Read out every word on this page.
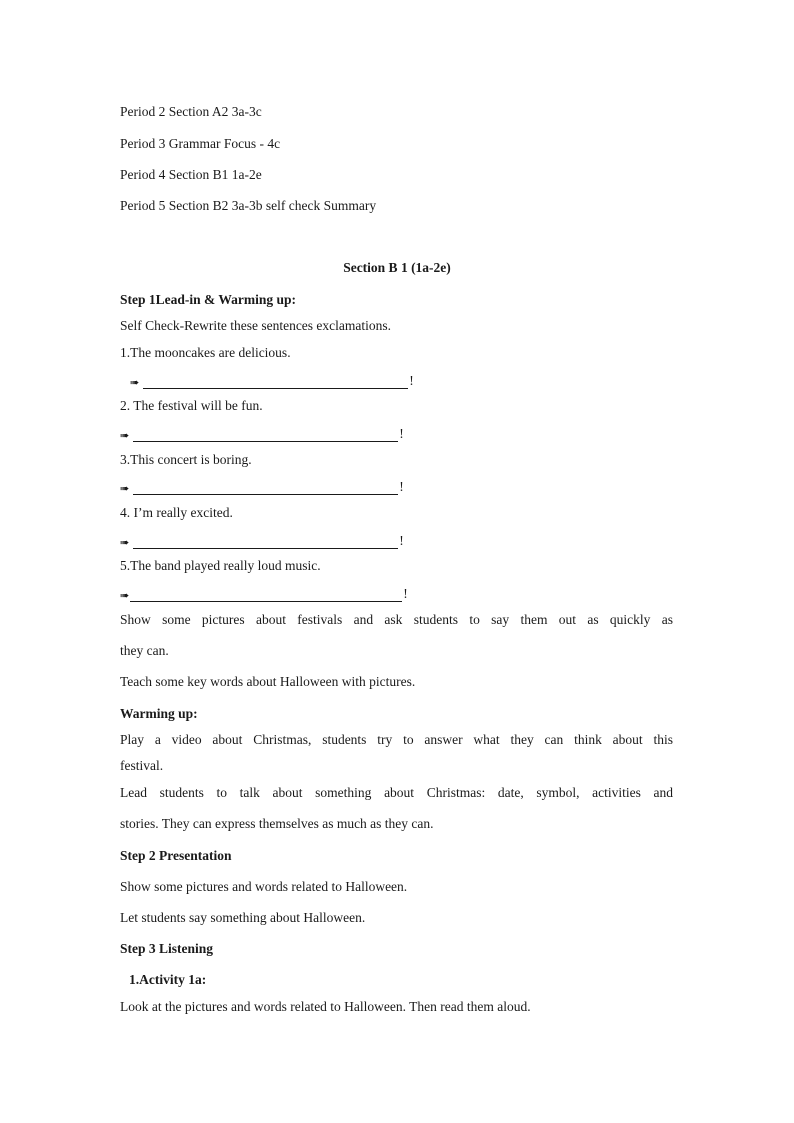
Period 2 Section A2 3a-3c
Period 3 Grammar Focus - 4c
Period 4 Section B1 1a-2e
Period 5 Section B2 3a-3b self check Summary
Section B 1 (1a-2e)
Step 1Lead-in & Warming up:
Self Check-Rewrite these sentences exclamations.
1.The mooncakes are delicious.
➠	!
2. The festival will be fun.
➠	!
3.This concert is boring.
➠	!
4. I’m really excited.
➠	!
5.The band played really loud music.
➠	!
Show some pictures about festivals and ask students to say them out as quickly as
they can.
Teach some key words about Halloween with pictures.
Warming up:
Play a video about Christmas, students try to answer what they can think about this
festival.
Lead students to talk about something about Christmas: date, symbol, activities and
stories. They can express themselves as much as they can.
Step 2 Presentation
Show some pictures and words related to Halloween.
Let students say something about Halloween.
Step 3 Listening
1.Activity 1a:
Look at the pictures and words related to Halloween. Then read them aloud.
